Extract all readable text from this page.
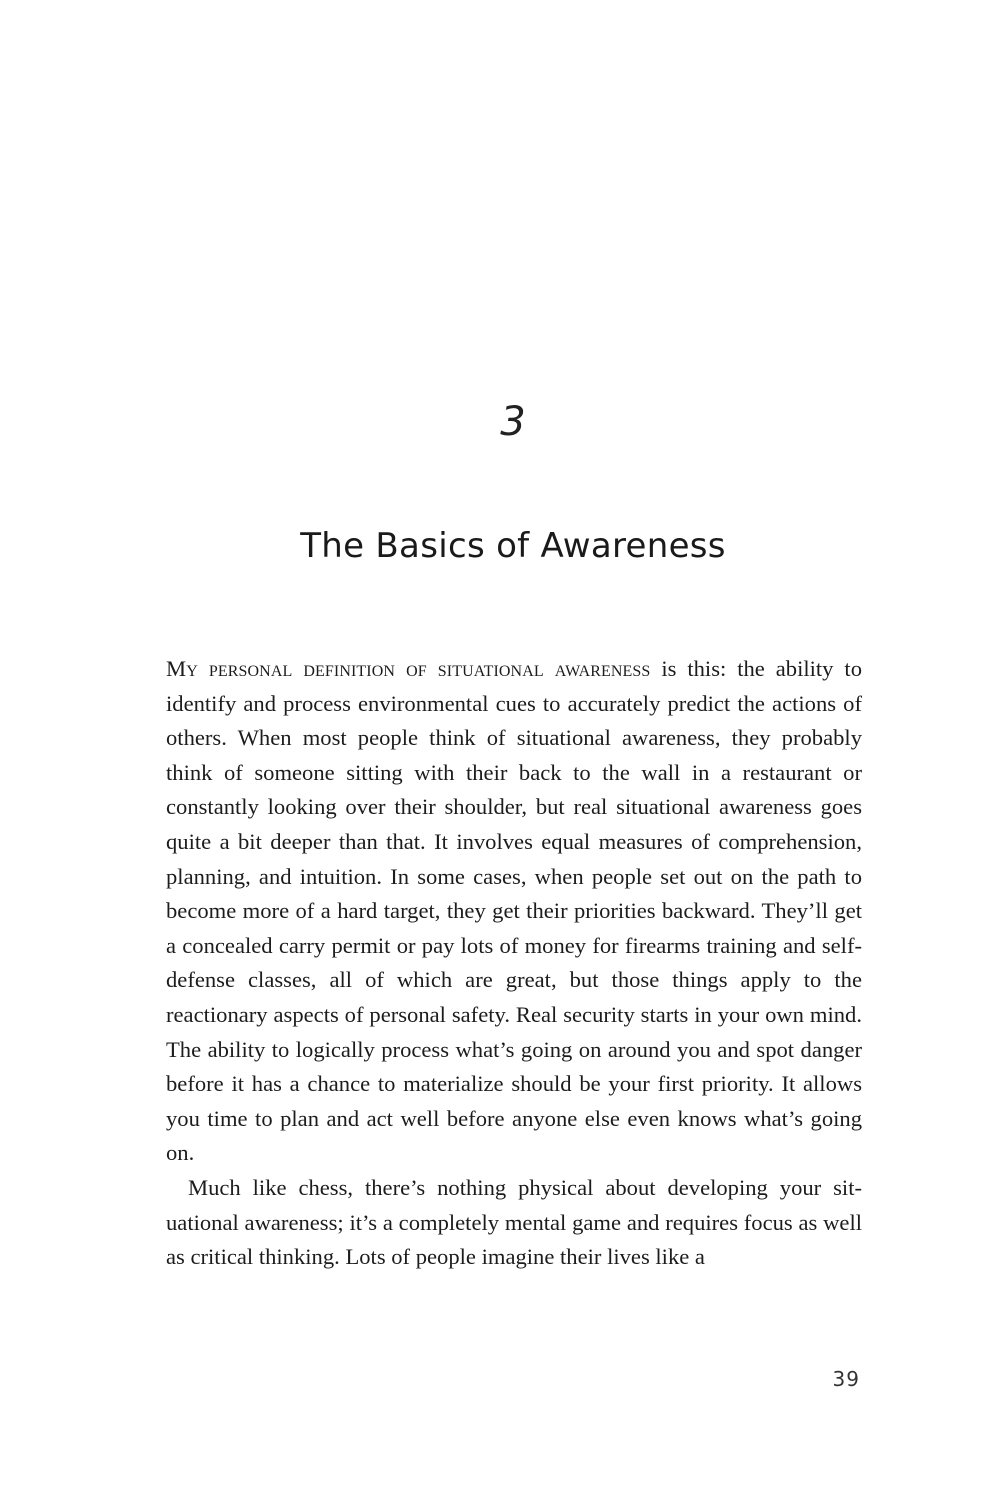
3
The Basics of Awareness

My personal definition of situational awareness is this: the ability to identify and process environmental cues to accurately predict the actions of others. When most people think of situational awareness, they probably think of someone sitting with their back to the wall in a restaurant or constantly looking over their shoulder, but real situational awareness goes quite a bit deeper than that. It involves equal measures of comprehension, planning, and intuition. In some cases, when people set out on the path to become more of a hard target, they get their priorities backward. They’ll get a concealed carry permit or pay lots of money for firearms training and self-defense classes, all of which are great, but those things apply to the reactionary aspects of personal safety. Real security starts in your own mind. The ability to logically process what’s going on around you and spot danger before it has a chance to materialize should be your first priority. It allows you time to plan and act well before anyone else even knows what’s going on.

Much like chess, there’s nothing physical about developing your situational awareness; it’s a completely mental game and requires focus as well as critical thinking. Lots of people imagine their lives like a

39
